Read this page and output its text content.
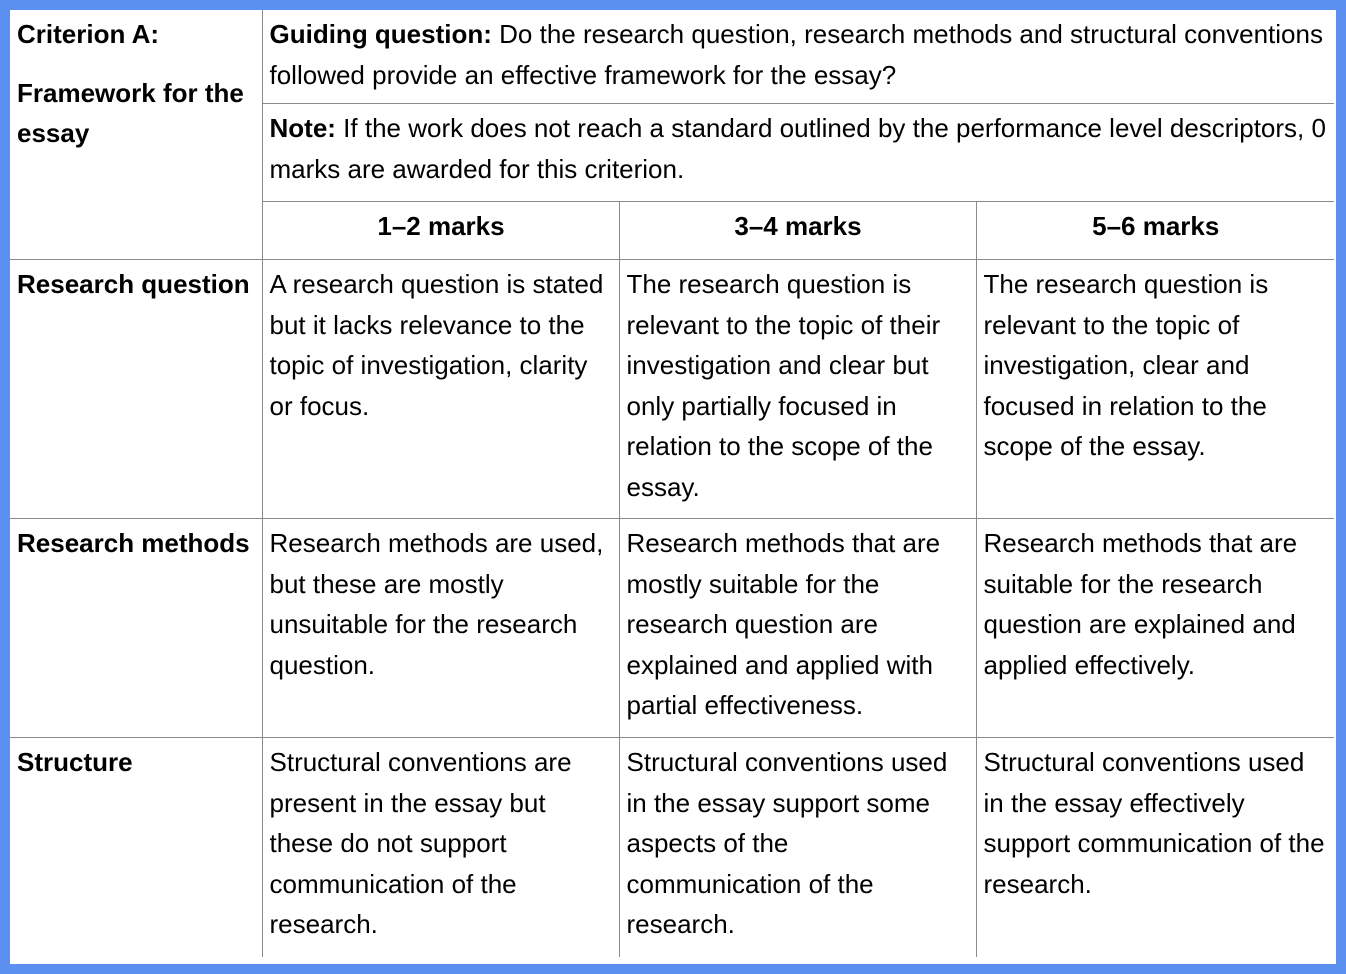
Criterion A:
Framework for the essay	Guiding question: Do the research question, research methods and structural conventions followed provide an effective framework for the essay?		
	Note: If the work does not reach a standard outlined by the performance level descriptors, 0 marks are awarded for this criterion.		
	1–2 marks	3–4 marks	5–6 marks
Research question	A research question is stated but it lacks relevance to the topic of investigation, clarity or focus.	The research question is relevant to the topic of their investigation and clear but only partially focused in relation to the scope of the essay.	The research question is relevant to the topic of investigation, clear and focused in relation to the scope of the essay.
Research methods	Research methods are used, but these are mostly unsuitable for the research question.	Research methods that are mostly suitable for the research question are explained and applied with partial effectiveness.	Research methods that are suitable for the research question are explained and applied effectively.
Structure	Structural conventions are present in the essay but these do not support communication of the research.	Structural conventions used in the essay support some aspects of the communication of the research.	Structural conventions used in the essay effectively support communication of the research.
